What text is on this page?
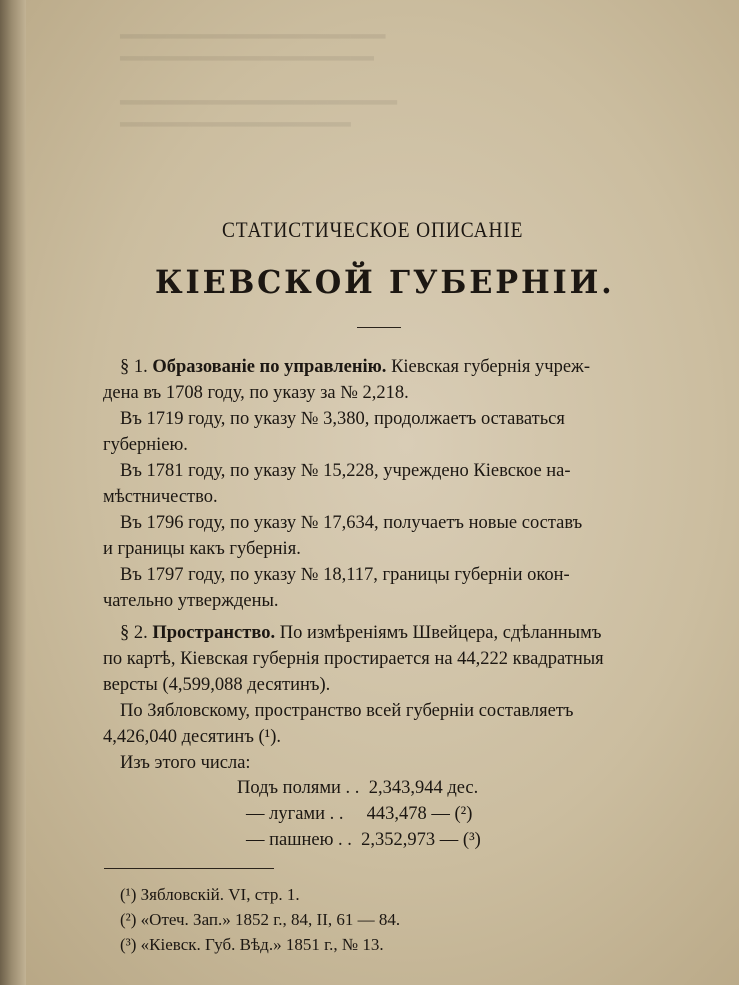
▂▂▂▂▂▂▂▂▂▂▂▂▂▂▂▂▂▂▂▂▂▂▂
▂▂▂▂▂▂▂▂▂▂▂▂▂▂▂▂▂▂▂▂▂▂

▂▂▂▂▂▂▂▂▂▂▂▂▂▂▂▂▂▂▂▂▂▂▂▂
▂▂▂▂▂▂▂▂▂▂▂▂▂▂▂▂▂▂▂▂
СТАТИСТИЧЕСКОЕ ОПИСАНІЕ
КІЕВСКОЙ ГУБЕРНІИ.
§ 1. Образованіе по управленію. Кіевская губернія учреж-
дена въ 1708 году, по указу за № 2,218.
Въ 1719 году, по указу № 3,380, продолжаетъ оставаться
губерніею.
Въ 1781 году, по указу № 15,228, учреждено Кіевское на-
мѣстничество.
Въ 1796 году, по указу № 17,634, получаетъ новые составъ
и границы какъ губернія.
Въ 1797 году, по указу № 18,117, границы губерніи окон-
чательно утверждены.
§ 2. Пространство. По измѣреніямъ Швейцера, сдѣланнымъ
по картѣ, Кіевская губернія простирается на 44,222 квадратныя
версты (4,599,088 десятинъ).
По Зябловскому, пространство всей губерніи составляетъ
4,426,040 десятинъ (¹).
Изъ этого числа:
Подъ полями . . 2,343,944 дес.
— лугами . . 443,478 — (²)
— пашнею . . 2,352,973 — (³)
(¹) Зябловскій. VI, стр. 1.
(²) «Отеч. Зап.» 1852 г., 84, II, 61 — 84.
(³) «Кіевск. Губ. Вѣд.» 1851 г., № 13.
